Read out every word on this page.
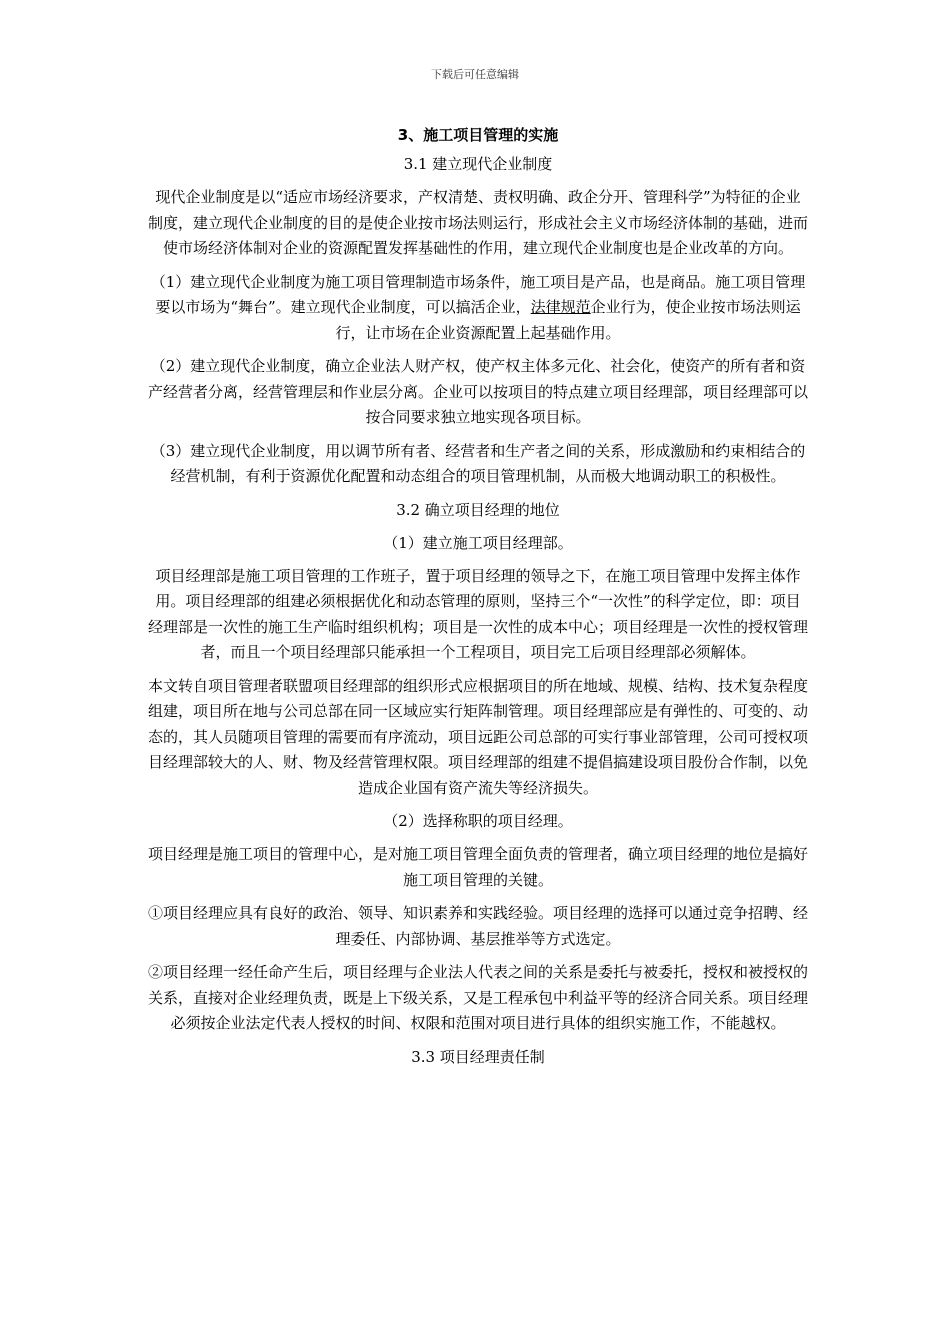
下载后可任意编辑
3、施工项目管理的实施
3.1 建立现代企业制度
现代企业制度是以“适应市场经济要求，产权清楚、责权明确、政企分开、管理科学”为特征的企业制度，建立现代企业制度的目的是使企业按市场法则运行，形成社会主义市场经济体制的基础，进而使市场经济体制对企业的资源配置发挥基础性的作用，建立现代企业制度也是企业改革的方向。
（1）建立现代企业制度为施工项目管理制造市场条件，施工项目是产品，也是商品。施工项目管理要以市场为“舞台”。建立现代企业制度，可以搞活企业，法律规范企业行为，使企业按市场法则运行，让市场在企业资源配置上起基础作用。
（2）建立现代企业制度，确立企业法人财产权，使产权主体多元化、社会化，使资产的所有者和资产经营者分离，经营管理层和作业层分离。企业可以按项目的特点建立项目经理部，项目经理部可以按合同要求独立地实现各项目标。
（3）建立现代企业制度，用以调节所有者、经营者和生产者之间的关系，形成激励和约束相结合的经营机制，有利于资源优化配置和动态组合的项目管理机制，从而极大地调动职工的积极性。
3.2 确立项目经理的地位
（1）建立施工项目经理部。
项目经理部是施工项目管理的工作班子，置于项目经理的领导之下，在施工项目管理中发挥主体作用。项目经理部的组建必须根据优化和动态管理的原则，坚持三个“一次性”的科学定位，即：项目经理部是一次性的施工生产临时组织机构；项目是一次性的成本中心；项目经理是一次性的授权管理者，而且一个项目经理部只能承担一个工程项目，项目完工后项目经理部必须解体。
本文转自项目管理者联盟项目经理部的组织形式应根据项目的所在地域、规模、结构、技术复杂程度组建，项目所在地与公司总部在同一区域应实行矩阵制管理。项目经理部应是有弹性的、可变的、动态的，其人员随项目管理的需要而有序流动，项目远距公司总部的可实行事业部管理，公司可授权项目经理部较大的人、财、物及经营管理权限。项目经理部的组建不提倡搞建设项目股份合作制，以免造成企业国有资产流失等经济损失。
（2）选择称职的项目经理。
项目经理是施工项目的管理中心，是对施工项目管理全面负责的管理者，确立项目经理的地位是搞好施工项目管理的关键。
①项目经理应具有良好的政治、领导、知识素养和实践经验。项目经理的选择可以通过竞争招聘、经理委任、内部协调、基层推举等方式选定。
②项目经理一经任命产生后，项目经理与企业法人代表之间的关系是委托与被委托，授权和被授权的关系，直接对企业经理负责，既是上下级关系，又是工程承包中利益平等的经济合同关系。项目经理必须按企业法定代表人授权的时间、权限和范围对项目进行具体的组织实施工作，不能越权。
3.3 项目经理责任制
